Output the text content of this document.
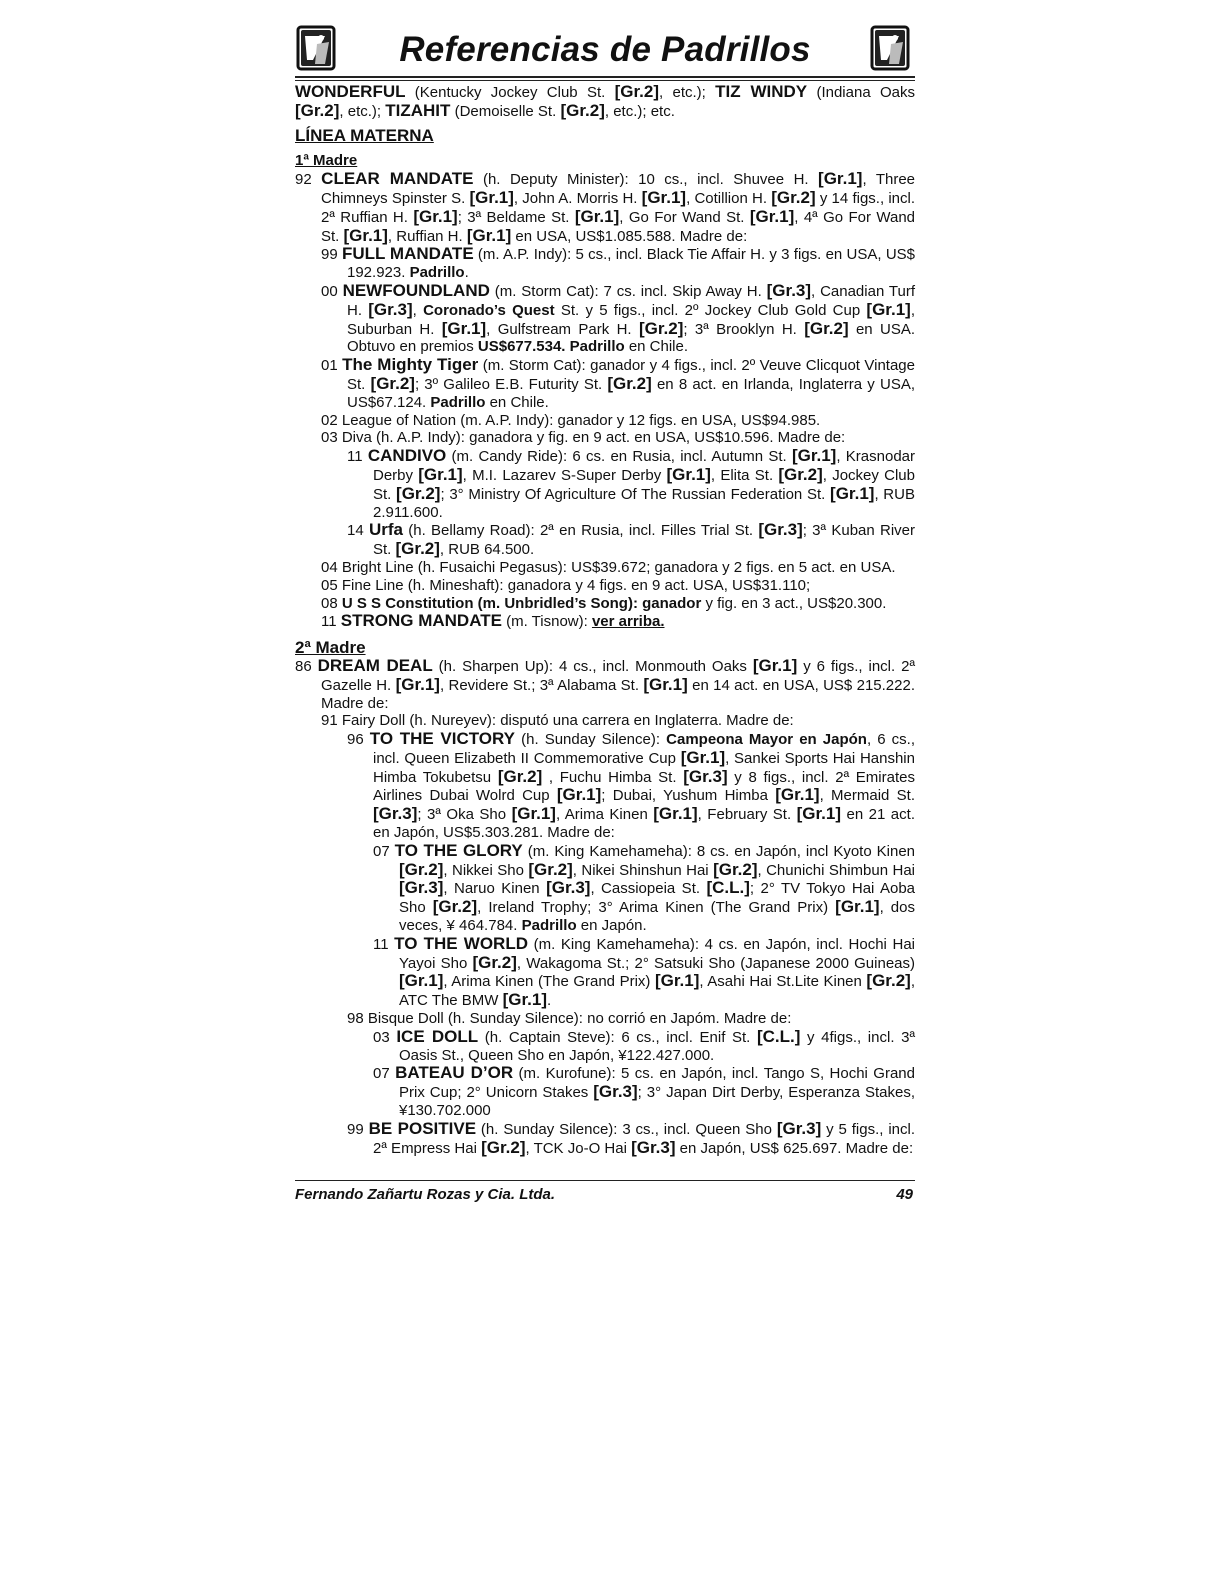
Referencias de Padrillos
WONDERFUL (Kentucky Jockey Club St. [Gr.2], etc.); TIZ WINDY (Indiana Oaks [Gr.2], etc.); TIZAHIT (Demoiselle St. [Gr.2], etc.); etc.
LÍNEA MATERNA
1ª Madre
92 CLEAR MANDATE (h. Deputy Minister): 10 cs., incl. Shuvee H. [Gr.1], Three Chimneys Spinster S. [Gr.1], John A. Morris H. [Gr.1], Cotillion H. [Gr.2] y 14 figs., incl. 2ª Ruffian H. [Gr.1]; 3ª Beldame St. [Gr.1], Go For Wand St. [Gr.1], 4ª Go For Wand St. [Gr.1], Ruffian H. [Gr.1] en USA, US$1.085.588. Madre de:
99 FULL MANDATE (m. A.P. Indy): 5 cs., incl. Black Tie Affair H. y 3 figs. en USA, US$ 192.923. Padrillo.
00 NEWFOUNDLAND (m. Storm Cat): 7 cs. incl. Skip Away H. [Gr.3], Canadian Turf H. [Gr.3], Coronado’s Quest St. y 5 figs., incl. 2º Jockey Club Gold Cup [Gr.1], Suburban H. [Gr.1], Gulfstream Park H. [Gr.2]; 3ª Brooklyn H. [Gr.2] en USA. Obtuvo en premios US$677.534. Padrillo en Chile.
01 The Mighty Tiger (m. Storm Cat): ganador y 4 figs., incl. 2º Veuve Clicquot Vintage St. [Gr.2]; 3º Galileo E.B. Futurity St. [Gr.2] en 8 act. en Irlanda, Inglaterra y USA, US$67.124. Padrillo en Chile.
02 League of Nation (m. A.P. Indy): ganador y 12 figs. en USA, US$94.985.
03 Diva (h. A.P. Indy): ganadora y fig. en 9 act. en USA, US$10.596. Madre de:
11 CANDIVO (m. Candy Ride): 6 cs. en Rusia, incl. Autumn St. [Gr.1], Krasnodar Derby [Gr.1], M.I. Lazarev S-Super Derby [Gr.1], Elita St. [Gr.2], Jockey Club St. [Gr.2]; 3° Ministry Of Agriculture Of The Russian Federation St. [Gr.1], RUB 2.911.600.
14 Urfa (h. Bellamy Road): 2ª en Rusia, incl. Filles Trial St. [Gr.3]; 3ª Kuban River St. [Gr.2], RUB 64.500.
04 Bright Line (h. Fusaichi Pegasus): US$39.672; ganadora y 2 figs. en 5 act. en USA.
05 Fine Line (h. Mineshaft): ganadora y 4 figs. en 9 act. USA, US$31.110;
08 U S S Constitution (m. Unbridled’s Song): ganador y fig. en 3 act., US$20.300.
11 STRONG MANDATE (m. Tisnow): ver arriba.
2ª Madre
86 DREAM DEAL (h. Sharpen Up): 4 cs., incl. Monmouth Oaks [Gr.1] y 6 figs., incl. 2ª Gazelle H. [Gr.1], Revidere St.; 3ª Alabama St. [Gr.1] en 14 act. en USA, US$ 215.222. Madre de:
91 Fairy Doll (h. Nureyev): disputó una carrera en Inglaterra. Madre de:
96 TO THE VICTORY (h. Sunday Silence): Campeona Mayor en Japón, 6 cs., incl. Queen Elizabeth II Commemorative Cup [Gr.1], Sankei Sports Hai Hanshin Himba Tokubetsu [Gr.2] , Fuchu Himba St. [Gr.3] y 8 figs., incl. 2ª Emirates Airlines Dubai Wolrd Cup [Gr.1]; Dubai, Yushum Himba [Gr.1], Mermaid St. [Gr.3]; 3ª Oka Sho [Gr.1], Arima Kinen [Gr.1], February St. [Gr.1] en 21 act. en Japón, US$5.303.281. Madre de:
07 TO THE GLORY (m. King Kamehameha): 8 cs. en Japón, incl Kyoto Kinen [Gr.2], Nikkei Sho [Gr.2], Nikei Shinshun Hai [Gr.2], Chunichi Shimbun Hai [Gr.3], Naruo Kinen [Gr.3], Cassiopeia St. [C.L.]; 2° TV Tokyo Hai Aoba Sho [Gr.2], Ireland Trophy; 3° Arima Kinen (The Grand Prix) [Gr.1], dos veces, ¥ 464.784. Padrillo en Japón.
11 TO THE WORLD (m. King Kamehameha): 4 cs. en Japón, incl. Hochi Hai Yayoi Sho [Gr.2], Wakagoma St.; 2° Satsuki Sho (Japanese 2000 Guineas) [Gr.1], Arima Kinen (The Grand Prix) [Gr.1], Asahi Hai St.Lite Kinen [Gr.2], ATC The BMW [Gr.1].
98 Bisque Doll (h. Sunday Silence): no corrió en Japóm. Madre de:
03 ICE DOLL (h. Captain Steve): 6 cs., incl. Enif St. [C.L.] y 4figs., incl. 3ª Oasis St., Queen Sho en Japón, ¥122.427.000.
07 BATEAU D’OR (m. Kurofune): 5 cs. en Japón, incl. Tango S, Hochi Grand Prix Cup; 2° Unicorn Stakes [Gr.3]; 3° Japan Dirt Derby, Esperanza Stakes, ¥130.702.000
99 BE POSITIVE (h. Sunday Silence): 3 cs., incl. Queen Sho [Gr.3] y 5 figs., incl. 2ª Empress Hai [Gr.2], TCK Jo-O Hai [Gr.3] en Japón, US$ 625.697. Madre de:
Fernando Zañartu Rozas y Cia. Ltda.	49
